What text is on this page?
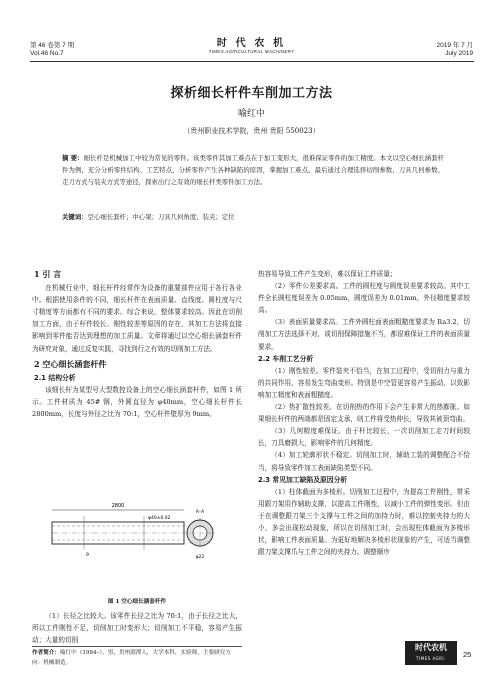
第 46 卷第 7 期
Vol.46 No.7
时 代 农 机
TIMES AGRICULTURAL MACHINERY
2019 年 7 月
July 2019
探析细长杆件车削加工方法
喻红中
（贵州职业技术学院，贵州 贵阳 550023）
摘 要：细长杆是机械加工中较为常见的零件。该类零件其加工难点在于加工变形大，很难保证零件的加工精度。本文以空心细长涵套杆件为例，充分分析零件结构、工艺特点，分析零件产生各种缺陷的原因，掌握加工难点。最后通过合理选择切削参数、刀具几何参数、走刀方式与装夹方式等途径，探索出行之有效的细长杆类零件加工方法。
关键词：空心细长套杆；中心架；刀具几何角度；装夹；定位
1 引 言

在机械行业中，细长杆件经常作为设备的重要部件应用于各行各业中。根据使用条件的不同，细长杆件在表面质量、直线度、圆柱度与尺寸精度等方面都有不同的要求。综合来说，整体要求较高。因此在切削加工方面，由于杆件较长、刚性较差等原因的存在，其加工方法将直接影响到零件能否达到理想的加工质量。文章将通过以空心细长涵套杆件为研究对象，通过反复实践，寻找到行之有效的切削加工方法。

2 空心细长涵套杆件
2.1 结构分析

该细长杆为某型号大型数控设备上的空心细长涵套杆件，如图 1 所示。工件材质为 45# 钢，外圆直径为 φ40mm，空心细长杆件长 2800mm，长度与外径之比为 70:1，空心杆件壁厚为 9mm。

2800
9
φ40±0.02
φ22
A–A
图 1 空心细长涵套杆件

（1）长径之比较大。该零件长径之比为 70:1，由于长径之比大，所以工件刚性不足，切削加工时变形大；切削加工不平稳，容易产生振动；大量的切削

作者简介：喻红中（1984–），男，贵州湄潭人，大学本科，实验师，主要研究方向：机械制造。
热容易导致工件产生变形，难以保证工件质量；

（2）零件公差要求高。工件的圆柱度与圆度误差要求较高。其中工件全长圆柱度误差为 0.05mm，圆度误差为 0.01mm，外径精度要求较高。

（3）表面质量要求高。工件外圆柱面表面粗糙度要求为 Ra3.2，切削加工方法选择不对，或切削保障措施不当，都很难保证工件的表面质量要求。

2.2 车削工艺分析

（1）刚性较差。零件装夹不恰当，在加工过程中，受切削力与重力的共同作用，容易发生弯曲变形。特别是中空管更容易产生振动，以致影响加工精度和表面粗糙度。

（2）热扩散性较差。在切削热的作用下会产生非常大的热膨胀。如果细长杆件的两端都是固定支承，则工件将受热伸长，导致其被顶弯曲。

（3）几何精度难保证。由于杆比较长，一次切削加工走刀时间较长，刀具磨损大，影响零件的几何精度。

（4）加工轮廓形状不稳定。切削加工时，辅助工装的调整配合不恰当，将导致零件加工表面缺陷类型不同。

2.3 常见加工缺陷及原因分析

（1）柱体截面为多棱形。切削加工过程中，为提高工件刚性，常采用跟刀架用作辅助支撑，以提高工件刚性，以减小工件的弹性变形。但由于在调整跟刀架三个支撑与工件之间的加持力时，难以控制夹持力的大小，多会出现松动现象，所以在切削加工时，会出现柱体截面为多棱形状，影响工件表面质量。为更好地解决多棱形状现象的产生，可适当调整跟刀架支撑爪与工件之间的夹持力。调整顺序

时代农机
TIMES AGRI.	25
